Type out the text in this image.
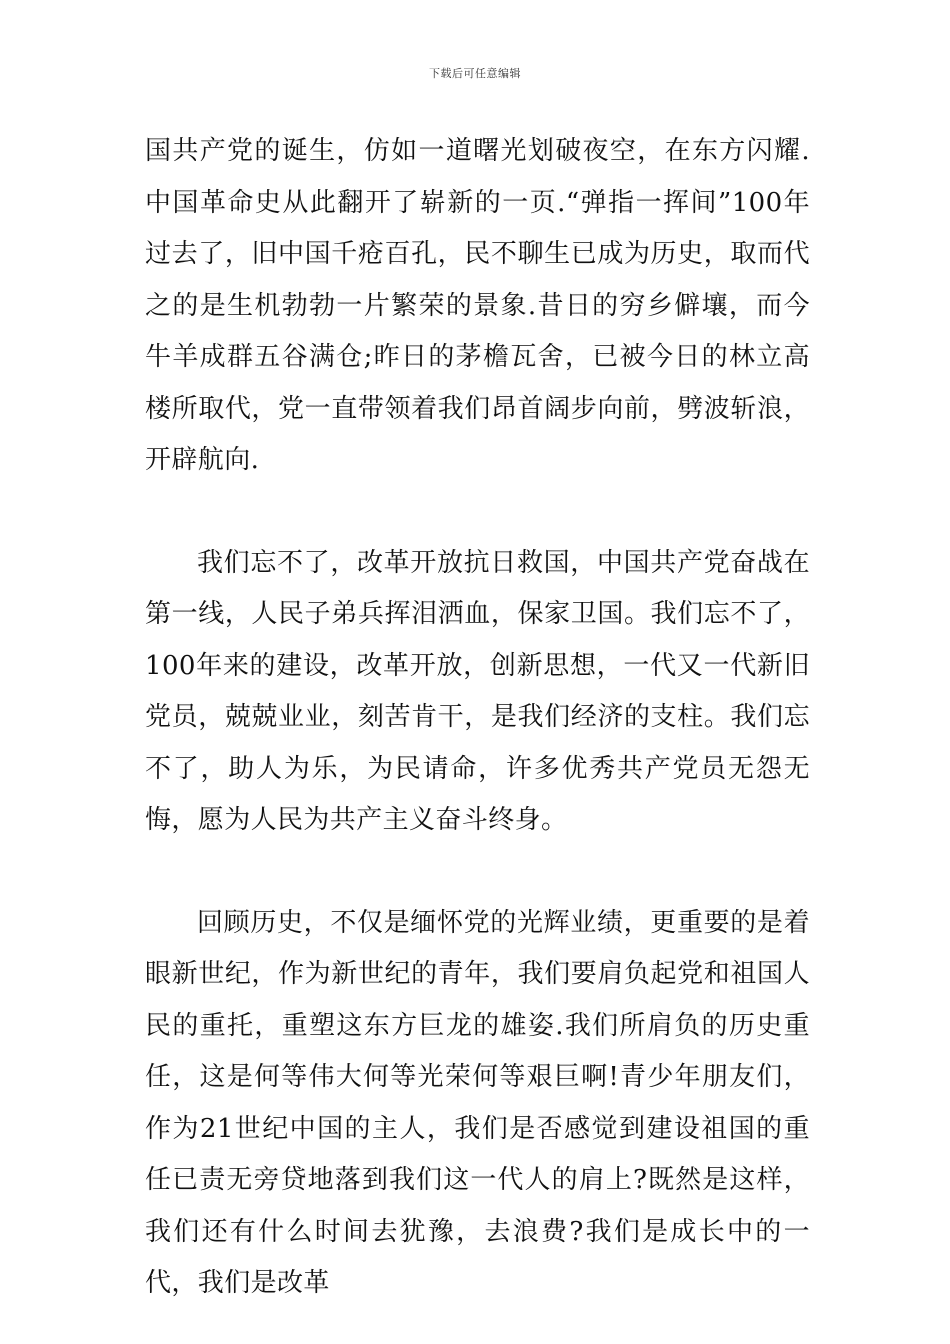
下载后可任意编辑

国共产党的诞生，仿如一道曙光划破夜空，在东方闪耀.中国革命史从此翻开了崭新的一页.“弹指一挥间”100年过去了，旧中国千疮百孔，民不聊生已成为历史，取而代之的是生机勃勃一片繁荣的景象.昔日的穷乡僻壤，而今牛羊成群五谷满仓;昨日的茅檐瓦舍，已被今日的林立高楼所取代，党一直带领着我们昂首阔步向前，劈波斩浪，开辟航向.

我们忘不了，改革开放抗日救国，中国共产党奋战在第一线，人民子弟兵挥泪洒血，保家卫国。我们忘不了，100年来的建设，改革开放，创新思想，一代又一代新旧党员，兢兢业业，刻苦肯干，是我们经济的支柱。我们忘不了，助人为乐，为民请命，许多优秀共产党员无怨无悔，愿为人民为共产主义奋斗终身。

回顾历史，不仅是缅怀党的光辉业绩，更重要的是着眼新世纪，作为新世纪的青年，我们要肩负起党和祖国人民的重托，重塑这东方巨龙的雄姿.我们所肩负的历史重任，这是何等伟大何等光荣何等艰巨啊!青少年朋友们，作为21世纪中国的主人，我们是否感觉到建设祖国的重任已责无旁贷地落到我们这一代人的肩上?既然是这样，我们还有什么时间去犹豫，去浪费?我们是成长中的一代，我们是改革
